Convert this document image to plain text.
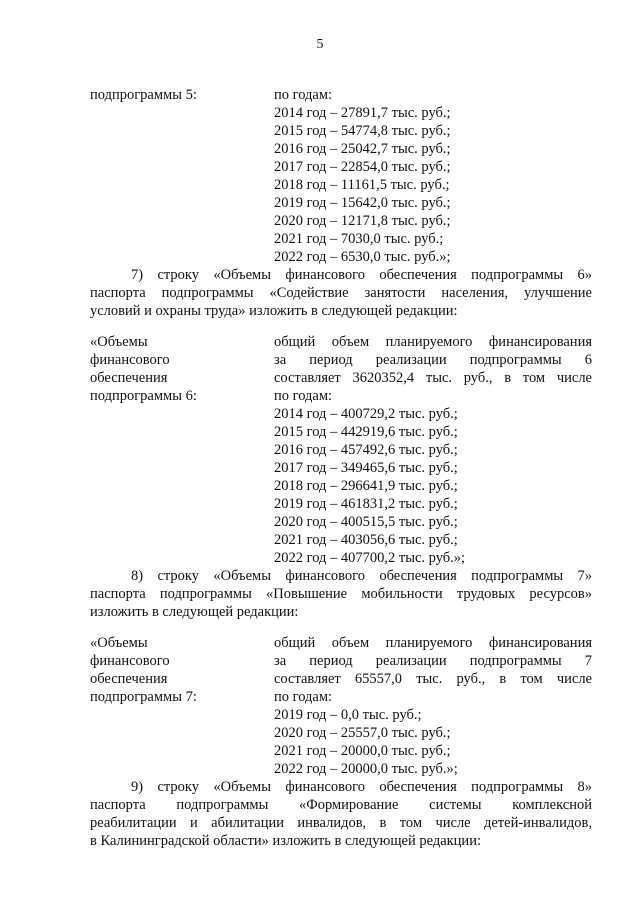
5
подпрограммы 5:	по годам:
2014 год – 27891,7 тыс. руб.;
2015 год – 54774,8 тыс. руб.;
2016 год – 25042,7 тыс. руб.;
2017 год – 22854,0 тыс. руб.;
2018 год – 11161,5 тыс. руб.;
2019 год – 15642,0 тыс. руб.;
2020 год – 12171,8 тыс. руб.;
2021 год – 7030,0 тыс. руб.;
2022 год – 6530,0 тыс. руб.»;
7) строку «Объемы финансового обеспечения подпрограммы 6»
паспорта подпрограммы «Содействие занятости населения, улучшение
условий и охраны труда» изложить в следующей редакции:
«Объемы
финансового
обеспечения
подпрограммы 6:
общий объем планируемого финансирования
за период реализации подпрограммы 6
составляет 3620352,4 тыс. руб., в том числе
по годам:
2014 год – 400729,2 тыс. руб.;
2015 год – 442919,6 тыс. руб.;
2016 год – 457492,6 тыс. руб.;
2017 год – 349465,6 тыс. руб.;
2018 год – 296641,9 тыс. руб.;
2019 год – 461831,2 тыс. руб.;
2020 год – 400515,5 тыс. руб.;
2021 год – 403056,6 тыс. руб.;
2022 год – 407700,2 тыс. руб.»;
8) строку «Объемы финансового обеспечения подпрограммы 7»
паспорта подпрограммы «Повышение мобильности трудовых ресурсов»
изложить в следующей редакции:
«Объемы
финансового
обеспечения
подпрограммы 7:
общий объем планируемого финансирования
за период реализации подпрограммы 7
составляет 65557,0 тыс. руб., в том числе
по годам:
2019 год – 0,0 тыс. руб.;
2020 год – 25557,0 тыс. руб.;
2021 год – 20000,0 тыс. руб.;
2022 год – 20000,0 тыс. руб.»;
9) строку «Объемы финансового обеспечения подпрограммы 8»
паспорта подпрограммы «Формирование системы комплексной
реабилитации и абилитации инвалидов, в том числе детей-инвалидов,
в Калининградской области» изложить в следующей редакции:
